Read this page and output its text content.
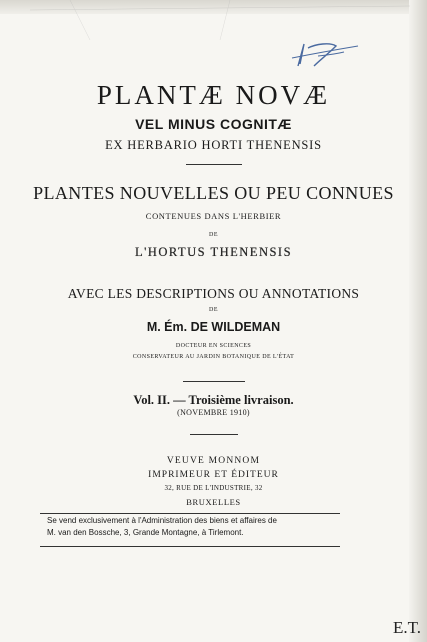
PLANTÆ NOVÆ
VEL MINUS COGNITÆ
EX HERBARIO HORTI THENENSIS
PLANTES NOUVELLES OU PEU CONNUES
CONTENUES DANS L'HERBIER
DE
L'HORTUS THENENSIS
AVEC LES DESCRIPTIONS OU ANNOTATIONS
DE
M. Ém. DE WILDEMAN
DOCTEUR EN SCIENCES
CONSERVATEUR AU JARDIN BOTANIQUE DE L'ÉTAT
Vol. II. — Troisième livraison.
(NOVEMBRE 1910)
VEUVE MONNOM
IMPRIMEUR ET ÉDITEUR
32, RUE DE L'INDUSTRIE, 32
BRUXELLES
Se vend exclusivement à l'Administration des biens et affaires de
M. van den Bossche, 3, Grande Montagne, à Tirlemont.
E.T.
